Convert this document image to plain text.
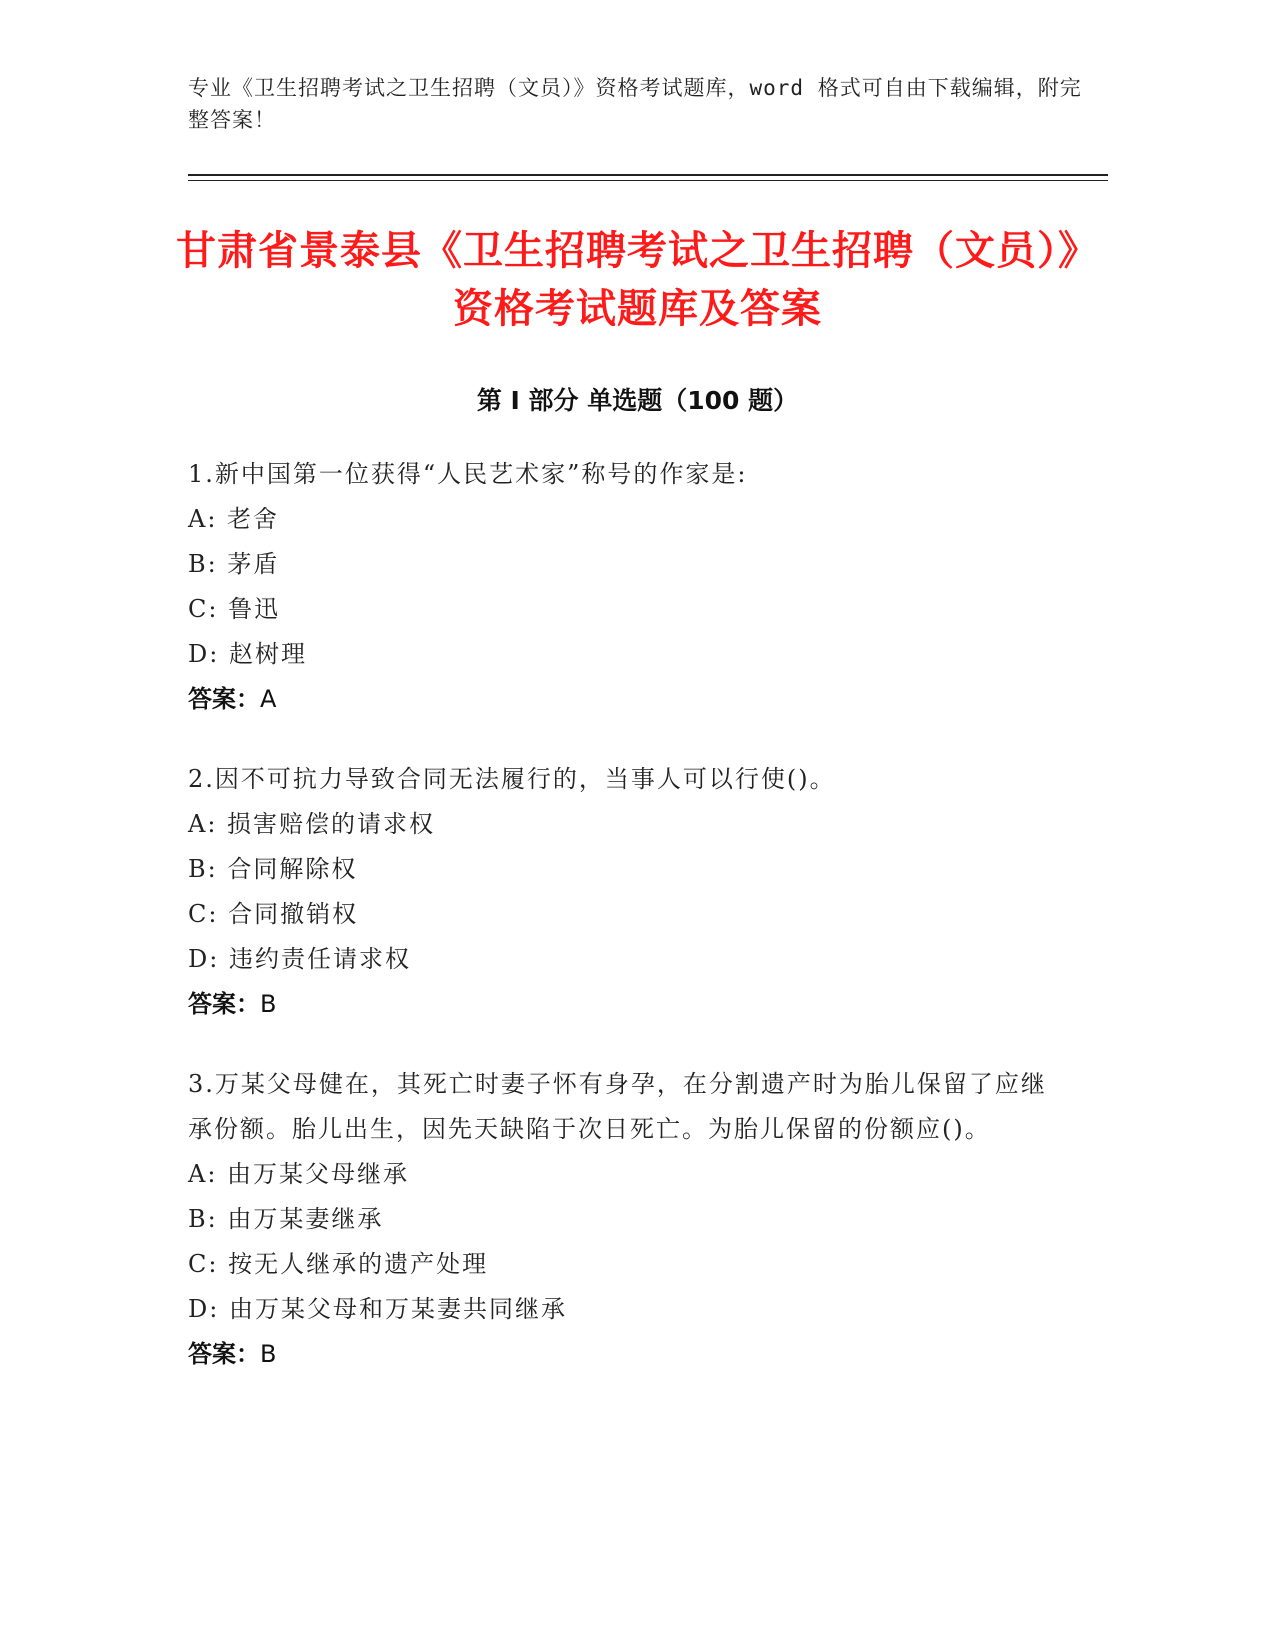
专业《卫生招聘考试之卫生招聘（文员）》资格考试题库，word 格式可自由下载编辑，附完整答案！
甘肃省景泰县《卫生招聘考试之卫生招聘（文员）》资格考试题库及答案
第 I 部分 单选题（100 题）
1.新中国第一位获得“人民艺术家”称号的作家是:
A: 老舍
B: 茅盾
C: 鲁迅
D: 赵树理
答案：A
2.因不可抗力导致合同无法履行的，当事人可以行使()。
A: 损害赔偿的请求权
B: 合同解除权
C: 合同撤销权
D: 违约责任请求权
答案：B
3.万某父母健在，其死亡时妻子怀有身孕，在分割遗产时为胎儿保留了应继承份额。胎儿出生，因先天缺陷于次日死亡。为胎儿保留的份额应()。
A: 由万某父母继承
B: 由万某妻继承
C: 按无人继承的遗产处理
D: 由万某父母和万某妻共同继承
答案：B
